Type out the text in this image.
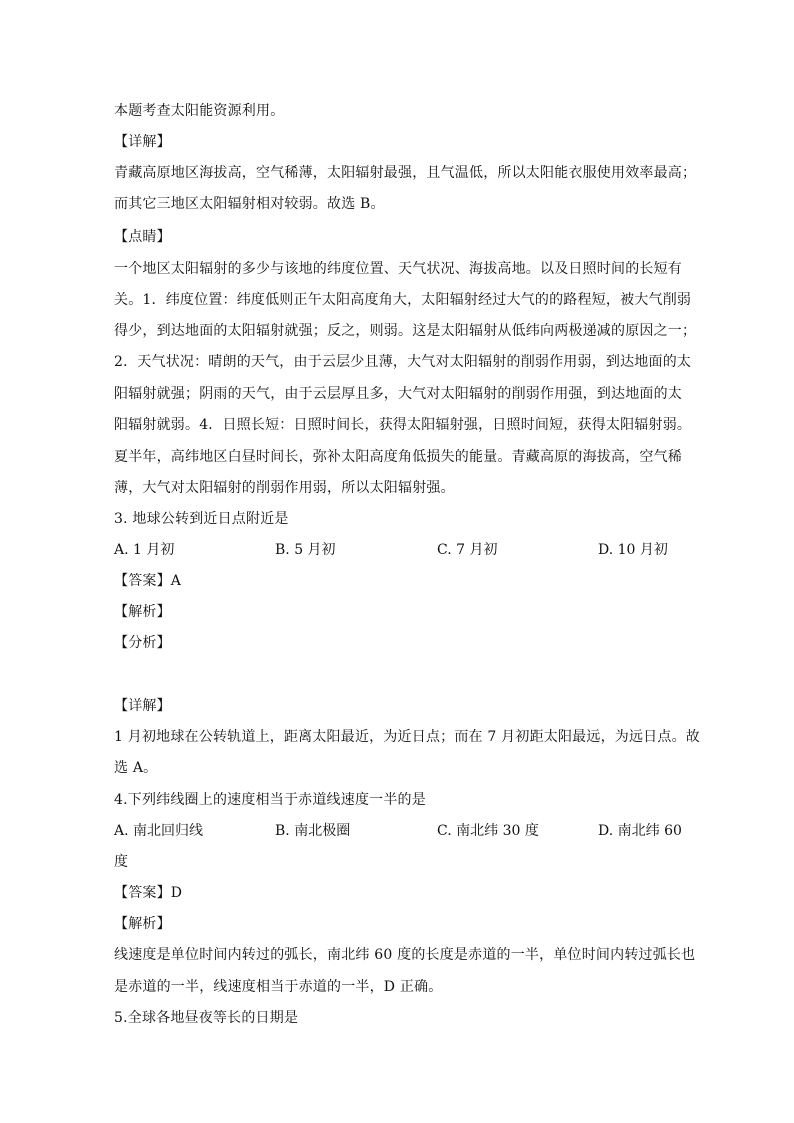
本题考查太阳能资源利用。
【详解】
青藏高原地区海拔高，空气稀薄，太阳辐射最强，且气温低，所以太阳能衣服使用效率最高；
而其它三地区太阳辐射相对较弱。故选 B。
【点睛】
一个地区太阳辐射的多少与该地的纬度位置、天气状况、海拔高地。以及日照时间的长短有
关。1．纬度位置：纬度低则正午太阳高度角大，太阳辐射经过大气的的路程短，被大气削弱
得少，到达地面的太阳辐射就强；反之，则弱。这是太阳辐射从低纬向两极递减的原因之一；
2．天气状况：晴朗的天气，由于云层少且薄，大气对太阳辐射的削弱作用弱，到达地面的太
阳辐射就强；阴雨的天气，由于云层厚且多，大气对太阳辐射的削弱作用强，到达地面的太
阳辐射就弱。4．日照长短：日照时间长，获得太阳辐射强，日照时间短，获得太阳辐射弱。
夏半年，高纬地区白昼时间长，弥补太阳高度角低损失的能量。青藏高原的海拔高，空气稀
薄，大气对太阳辐射的削弱作用弱，所以太阳辐射强。
3. 地球公转到近日点附近是
A. 1 月初	B. 5 月初	C. 7 月初	D. 10 月初
【答案】A
【解析】
【分析】
【详解】
1 月初地球在公转轨道上，距离太阳最近，为近日点；而在 7 月初距太阳最远，为远日点。故
选 A。
4.下列纬线圈上的速度相当于赤道线速度一半的是
A. 南北回归线	B. 南北极圈	C. 南北纬 30 度	D. 南北纬 60
度
【答案】D
【解析】
线速度是单位时间内转过的弧长，南北纬 60 度的长度是赤道的一半，单位时间内转过弧长也
是赤道的一半，线速度相当于赤道的一半，D 正确。
5.全球各地昼夜等长的日期是
